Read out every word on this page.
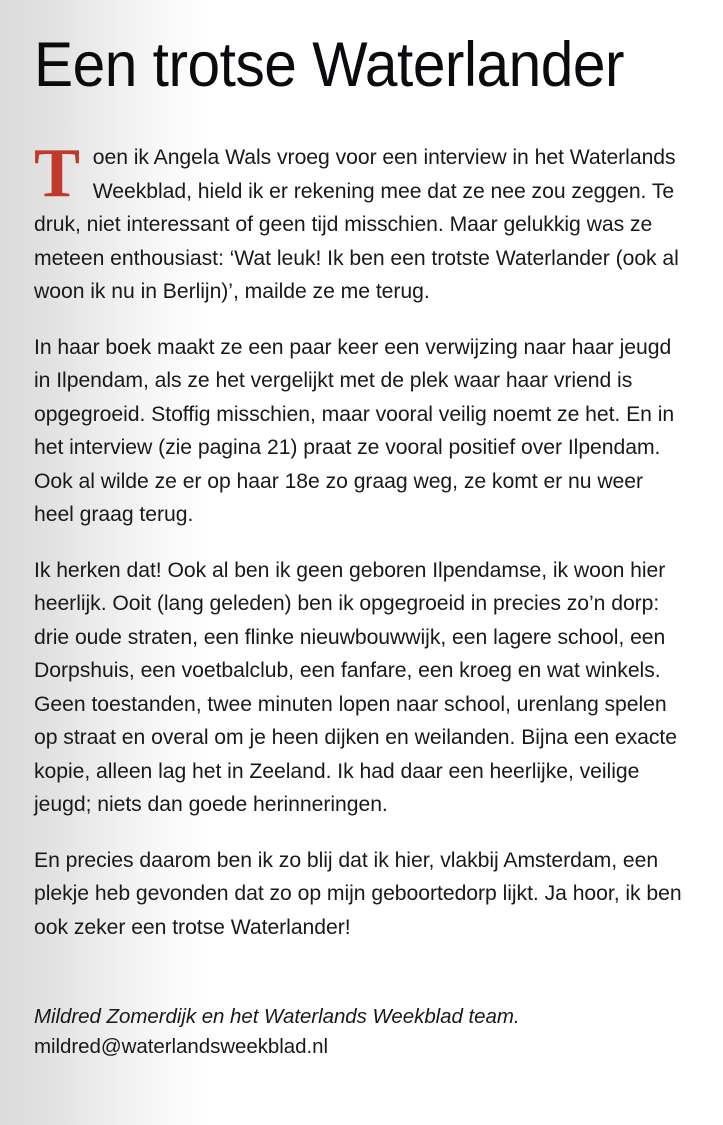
Een trotse Waterlander

Toen ik Angela Wals vroeg voor een interview in het Waterlands Weekblad, hield ik er rekening mee dat ze nee zou zeggen. Te druk, niet interessant of geen tijd misschien. Maar gelukkig was ze meteen enthousiast: ‘Wat leuk! Ik ben een trotste Waterlander (ook al woon ik nu in Berlijn)’, mailde ze me terug.

In haar boek maakt ze een paar keer een verwijzing naar haar jeugd in Ilpendam, als ze het vergelijkt met de plek waar haar vriend is opgegroeid. Stoffig misschien, maar vooral veilig noemt ze het. En in het interview (zie pagina 21) praat ze vooral positief over Ilpendam. Ook al wilde ze er op haar 18e zo graag weg, ze komt er nu weer heel graag terug.

Ik herken dat! Ook al ben ik geen geboren Ilpendamse, ik woon hier heerlijk. Ooit (lang geleden) ben ik opgegroeid in precies zo’n dorp: drie oude straten, een flinke nieuwbouwwijk, een lagere school, een Dorpshuis, een voetbalclub, een fanfare, een kroeg en wat winkels. Geen toestanden, twee minuten lopen naar school, urenlang spelen op straat en overal om je heen dijken en weilanden. Bijna een exacte kopie, alleen lag het in Zeeland. Ik had daar een heerlijke, veilige jeugd; niets dan goede herinneringen.

En precies daarom ben ik zo blij dat ik hier, vlakbij Amsterdam, een plekje heb gevonden dat zo op mijn geboortedorp lijkt. Ja hoor, ik ben ook zeker een trotse Waterlander!

Mildred Zomerdijk en het Waterlands Weekblad team.
mildred@waterlandsweekblad.nl
